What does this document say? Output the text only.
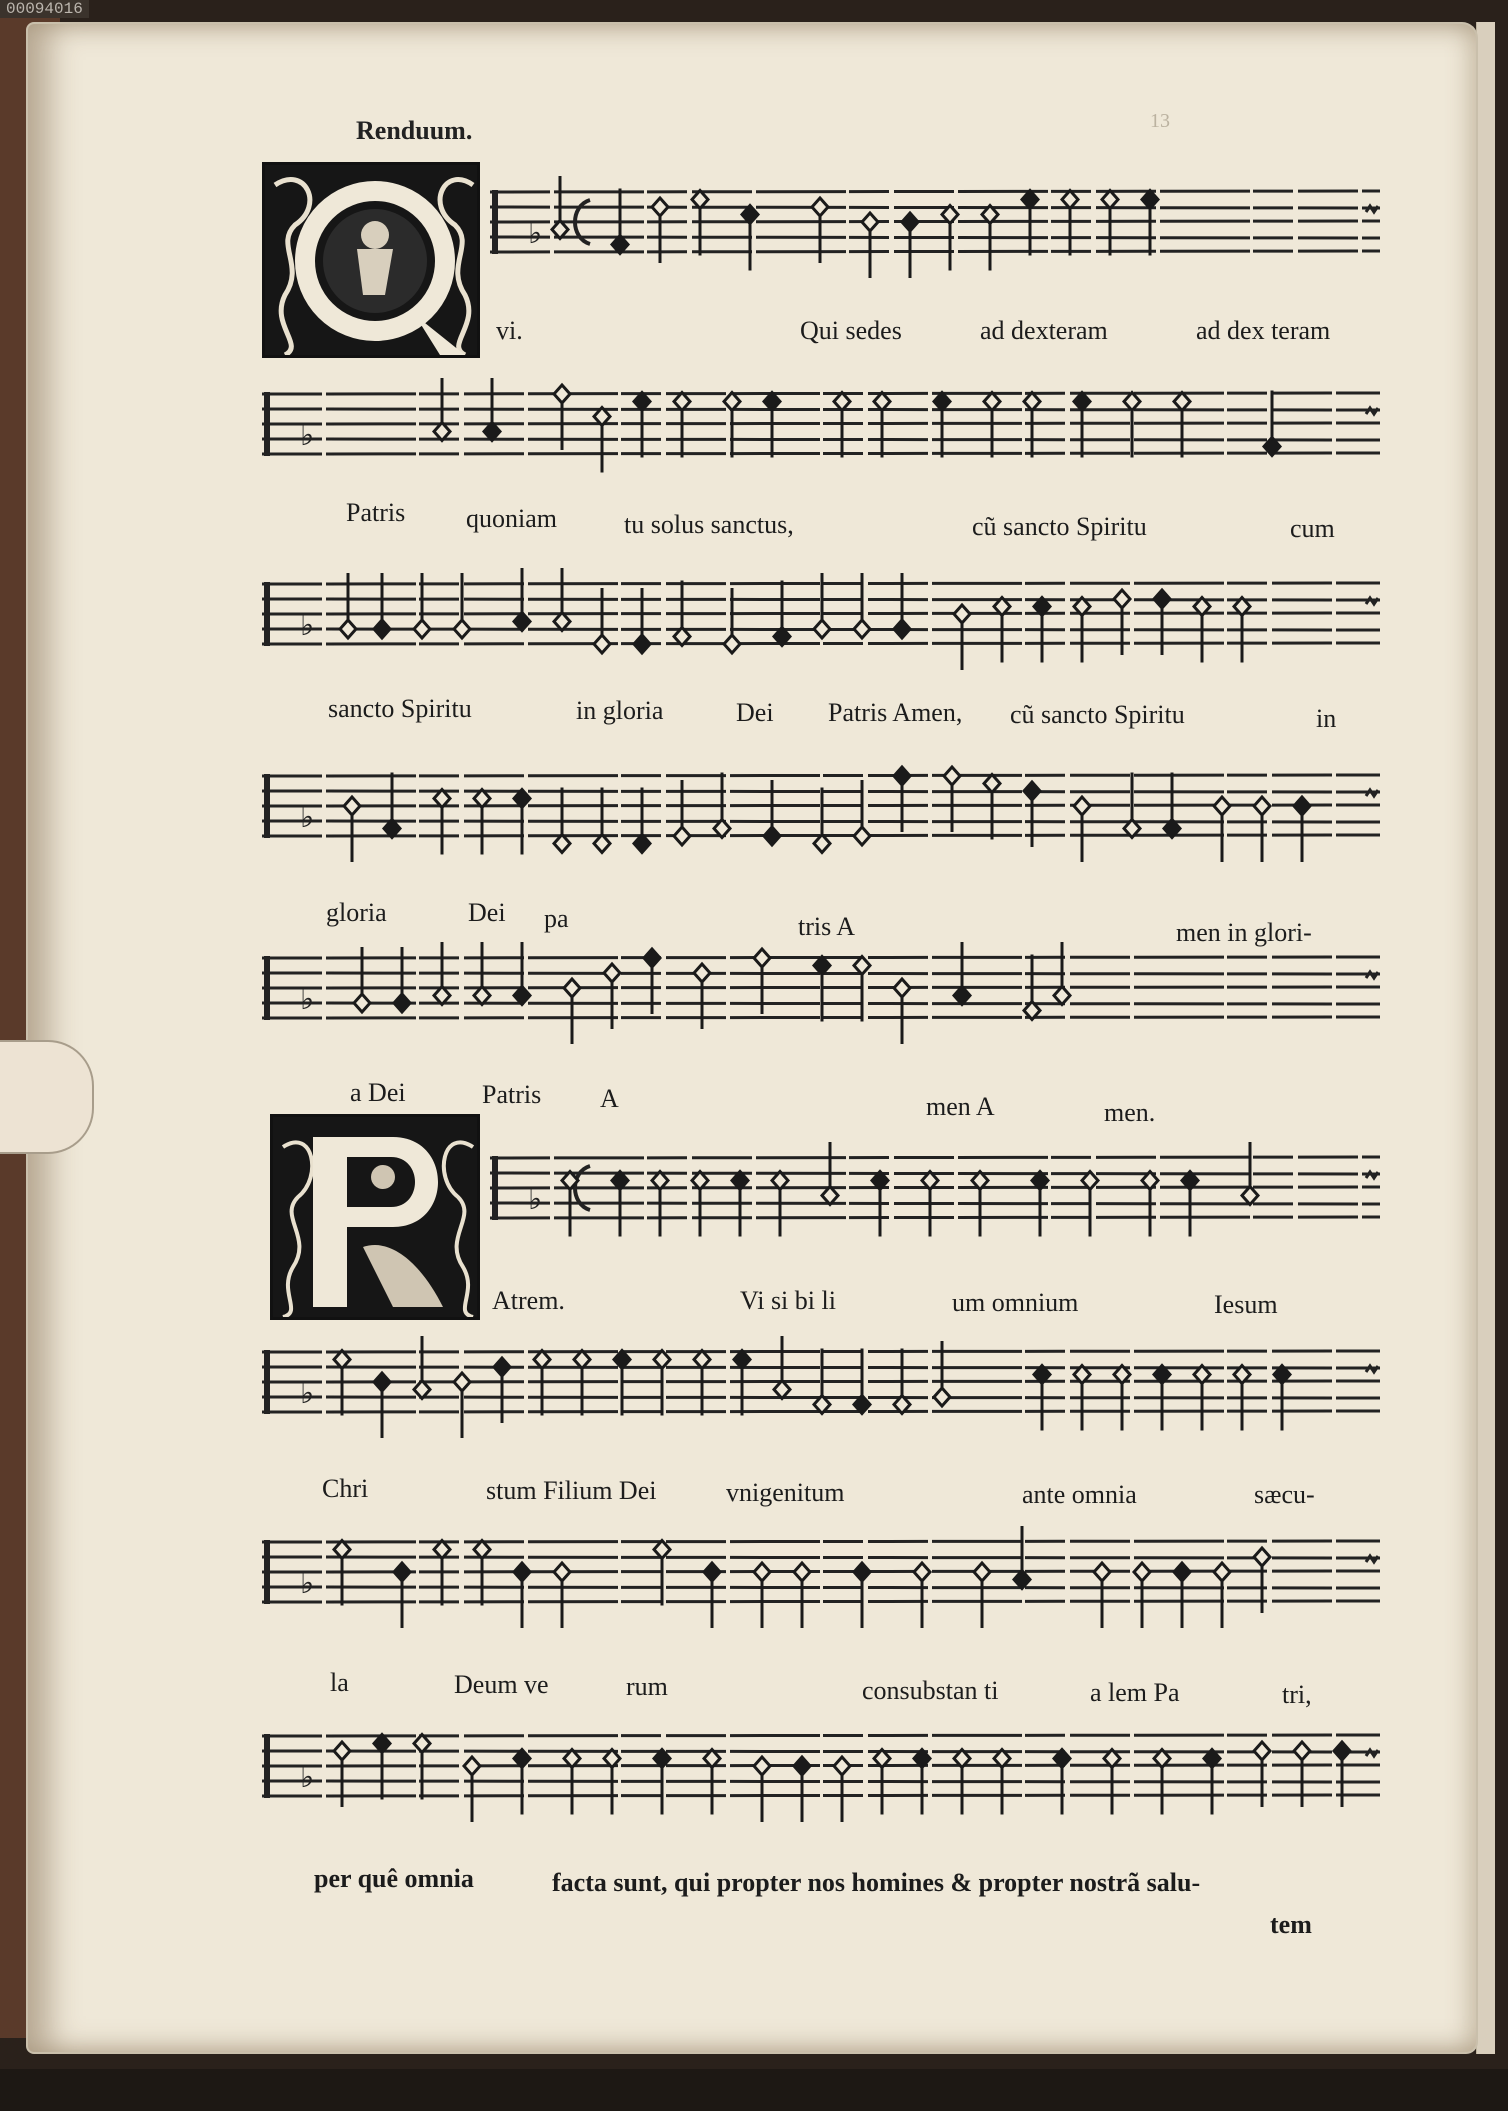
00094016
Renduum.	13
♭
♭
♭
♭
♭
♭
♭
♭
♭
vi.	Qui sedes	ad dexteram	ad dex teram
Patris quoniam	tu solus sanctus,	cũ sancto Spiritu	cum
sancto Spiritu	in gloria	Dei Patris Amen, cũ sancto Spiritu	in
gloria	Dei pa	tris A	men in glori-
a Dei	Patris A	men A	men.
Atrem.	Vi si bi li	um omnium	Iesum
Chri	stum Filium Dei	vnigenitum	ante omnia	sæcu-
la	Deum ve	rum	consubstan ti	a lem Pa	tri,
per quê omnia	facta sunt, qui propter nos homines & propter nostrã salu-
tem
